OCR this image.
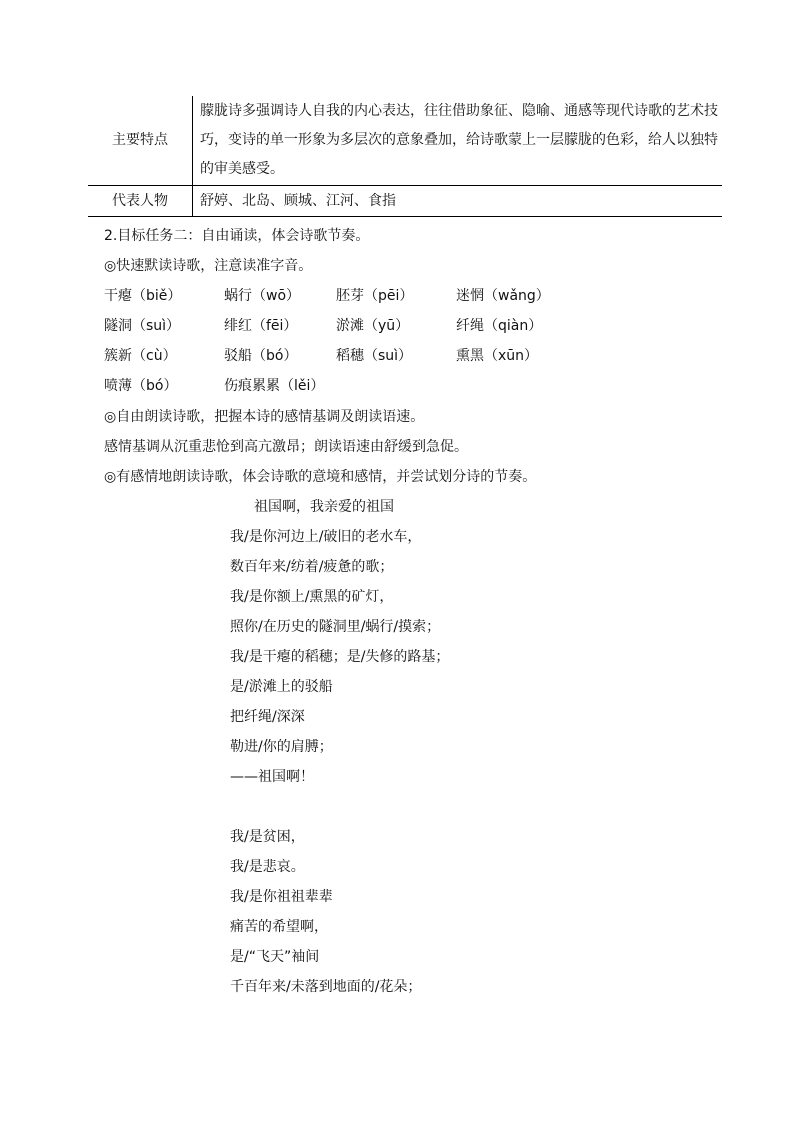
主要特点	朦胧诗多强调诗人自我的内心表达，往往借助象征、隐喻、通感等现代诗歌的艺术技巧，变诗的单一形象为多层次的意象叠加，给诗歌蒙上一层朦胧的色彩，给人以独特的审美感受。
代表人物	舒婷、北岛、顾城、江河、食指
2.目标任务二：自由诵读，体会诗歌节奏。
◎快速默读诗歌，注意读准字音。
干瘪（biě）	蜗行（wō）	胚芽（pēi）	迷惘（wǎng）
隧洞（suì）	绯红（fēi）	淤滩（yū）	纤绳（qiàn）
簇新（cù）	驳船（bó）	稻穗（suì）	熏黑（xūn）
喷薄（bó）	伤痕累累（lěi）
◎自由朗读诗歌，把握本诗的感情基调及朗读语速。
感情基调从沉重悲怆到高亢激昂；朗读语速由舒缓到急促。
◎有感情地朗读诗歌，体会诗歌的意境和感情，并尝试划分诗的节奏。
祖国啊，我亲爱的祖国
我/是你河边上/破旧的老水车，
数百年来/纺着/疲惫的歌；
我/是你额上/熏黑的矿灯，
照你/在历史的隧洞里/蜗行/摸索；
我/是干瘪的稻穗；是/失修的路基；
是/淤滩上的驳船
把纤绳/深深
勒进/你的肩膊；
——祖国啊！
我/是贫困，
我/是悲哀。
我/是你祖祖辈辈
痛苦的希望啊，
是/“飞天”袖间
千百年来/未落到地面的/花朵；
